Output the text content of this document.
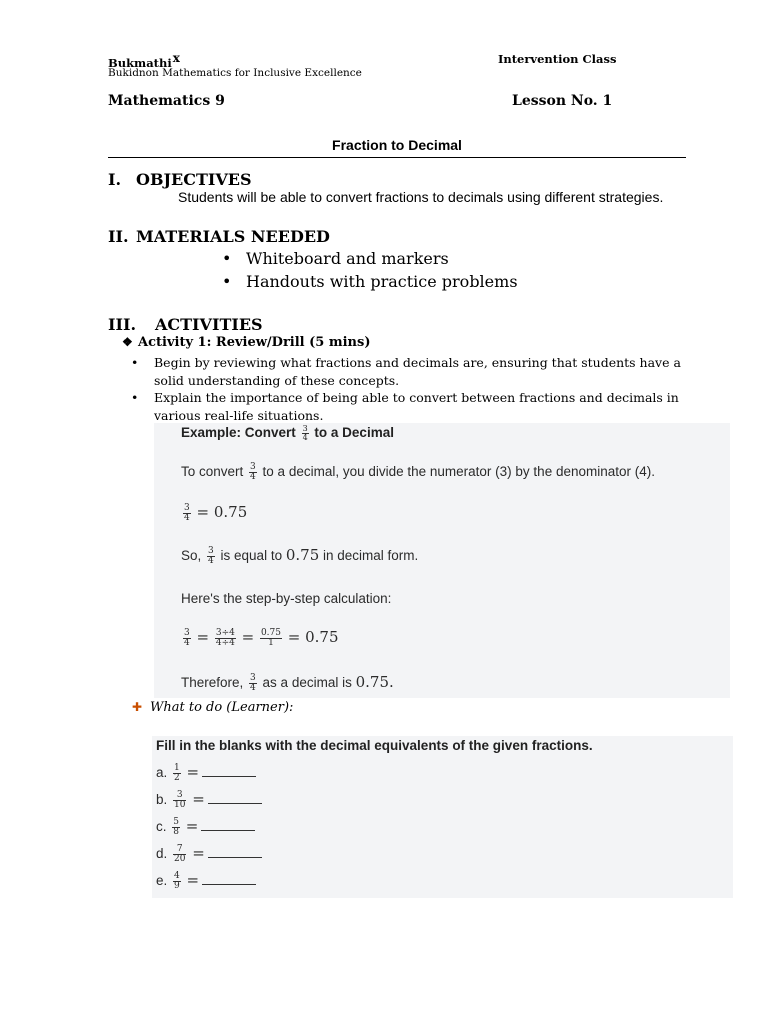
Bukmathi$^x$
Bukidnon Mathematics for Inclusive Excellence
Intervention Class
Mathematics 9	Lesson No. 1
Fraction to Decimal
I. OBJECTIVES
Students will be able to convert fractions to decimals using different strategies.
II. MATERIALS NEEDED
• Whiteboard and markers
• Handouts with practice problems
III. ACTIVITIES
❖ Activity 1: Review/Drill (5 mins)
• Begin by reviewing what fractions and decimals are, ensuring that students have a solid understanding of these concepts.
• Explain the importance of being able to convert between fractions and decimals in various real-life situations.
Example: Convert $\frac{3}{4}$ to a Decimal
To convert $\frac{3}{4}$ to a decimal, you divide the numerator (3) by the denominator (4).
$\frac{3}{4} = 0.75$
So, $\frac{3}{4}$ is equal to 0.75 in decimal form.
Here's the step-by-step calculation:
$\frac{3}{4} = \frac{3\div 4}{4\div 4} = \frac{0.75}{1} = 0.75$
Therefore, $\frac{3}{4}$ as a decimal is 0.75.
✚ What to do (Learner):
Fill in the blanks with the decimal equivalents of the given fractions.
a. $\frac{1}{2}$ =
b. $\frac{3}{10}$ =
c. $\frac{5}{8}$ =
d. $\frac{7}{20}$ =
e. $\frac{4}{9}$ =
